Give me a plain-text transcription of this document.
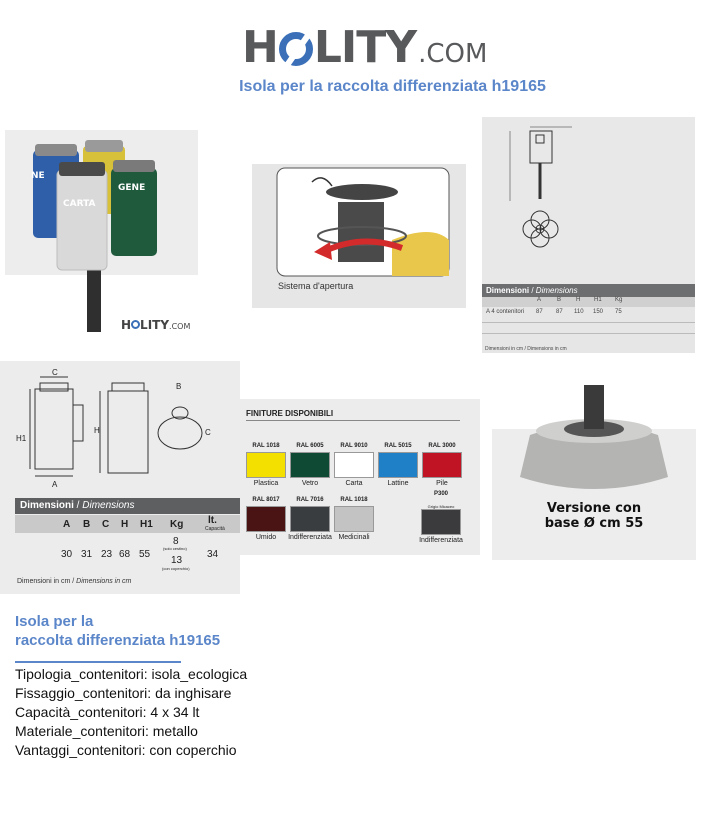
H LITY .COM
Isola per la raccolta differenziata h19165
CARTA
GENE
NE
H LITY.COM
Sistema d'apertura	Dimensioni / Dimensions
A	B H H1 Kg
A 4 contenitori 87 87 110 150 75
Dimensioni in cm / Dimensions in cm
C
H1
A
H
B
C
Dimensioni / Dimensions
A B C H H1 Kg lt.
Capacità
30 31 23 68 55
8
(solo cestino)
13
(con coperchio)
34
Dimensioni in cm / Dimensions in cm
FINITURE DISPONIBILI
RAL 1018
Plastica
RAL 6005
Vetro
RAL 9010
Carta
RAL 5015
Lattine
RAL 3000
Pile
RAL 8017
Umido
RAL 7016
Indifferenziata
RAL 1018
Medicinali
P300
Grigio Micaceo
Indifferenziata
Versione con
base Ø cm 55
Isola per la
raccolta differenziata h19165
Tipologia_contenitori: isola_ecologica
Fissaggio_contenitori: da inghisare
Capacità_contenitori: 4 x 34 lt
Materiale_contenitori: metallo
Vantaggi_contenitori: con coperchio
